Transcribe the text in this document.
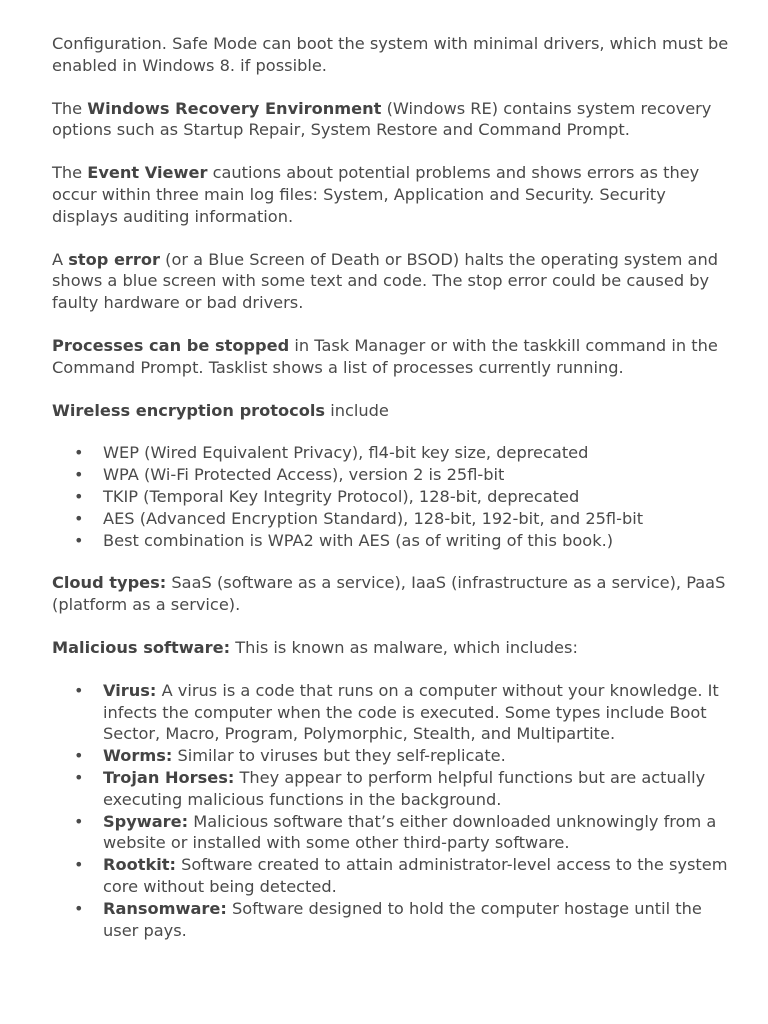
Configuration. Safe Mode can boot the system with minimal drivers, which must be enabled in Windows 8. if possible.

The Windows Recovery Environment (Windows RE) contains system recovery options such as Startup Repair, System Restore and Command Prompt.

The Event Viewer cautions about potential problems and shows errors as they occur within three main log files: System, Application and Security. Security displays auditing information.

A stop error (or a Blue Screen of Death or BSOD) halts the operating system and shows a blue screen with some text and code. The stop error could be caused by faulty hardware or bad drivers.

Processes can be stopped in Task Manager or with the taskkill command in the Command Prompt. Tasklist shows a list of processes currently running.

Wireless encryption protocols include

• WEP (Wired Equivalent Privacy), fl4-bit key size, deprecated
• WPA (Wi-Fi Protected Access), version 2 is 25fl-bit
• TKIP (Temporal Key Integrity Protocol), 128-bit, deprecated
• AES (Advanced Encryption Standard), 128-bit, 192-bit, and 25fl-bit
• Best combination is WPA2 with AES (as of writing of this book.)

Cloud types: SaaS (software as a service), IaaS (infrastructure as a service), PaaS (platform as a service).

Malicious software: This is known as malware, which includes:

• Virus: A virus is a code that runs on a computer without your knowledge. It infects the computer when the code is executed. Some types include Boot Sector, Macro, Program, Polymorphic, Stealth, and Multipartite.
• Worms: Similar to viruses but they self-replicate.
• Trojan Horses: They appear to perform helpful functions but are actually executing malicious functions in the background.
• Spyware: Malicious software that’s either downloaded unknowingly from a website or installed with some other third-party software.
• Rootkit: Software created to attain administrator-level access to the system core without being detected.
• Ransomware: Software designed to hold the computer hostage until the user pays.
